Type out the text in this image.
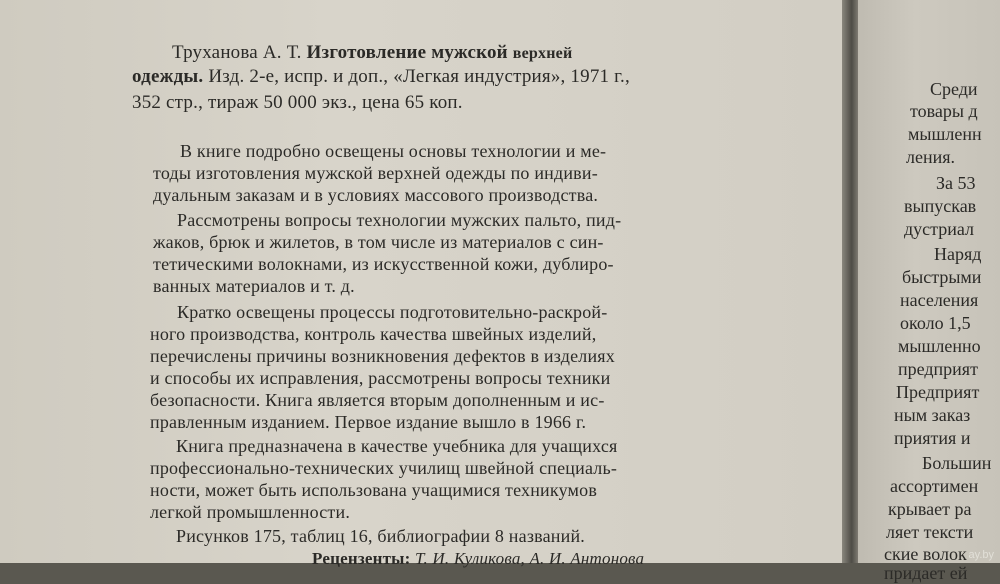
Труханова А. Т. Изготовление мужской верхней
одежды. Изд. 2-е, испр. и доп., «Легкая индустрия», 1971 г.,
352 стр., тираж 50 000 экз., цена 65 коп.
В книге подробно освещены основы технологии и ме-
тоды изготовления мужской верхней одежды по индиви-
дуальным заказам и в условиях массового производства.
Рассмотрены вопросы технологии мужских пальто, пид-
жаков, брюк и жилетов, в том числе из материалов с син-
тетическими волокнами, из искусственной кожи, дублиро-
ванных материалов и т. д.
Кратко освещены процессы подготовительно-раскрой-
ного производства, контроль качества швейных изделий,
перечислены причины возникновения дефектов в изделиях
и способы их исправления, рассмотрены вопросы техники
безопасности. Книга является вторым дополненным и ис-
правленным изданием. Первое издание вышло в 1966 г.
Книга предназначена в качестве учебника для учащихся
профессионально-технических училищ швейной специаль-
ности, может быть использована учащимися техникумов
легкой промышленности.
Рисунков 175, таблиц 16, библиографии 8 названий.
Рецензенты: Т. И. Куликова, А. И. Антонова
Среди
товары д
мышленн
ления.
За 53
выпускав
дустриал
Наряд
быстрыми
населения
около 1,5
мышленно
предприят
Предприят
ным заказ
приятия и
Большин
ассортимен
крывает ра
ляет тексти
ские волок
придает ей
ay.by
